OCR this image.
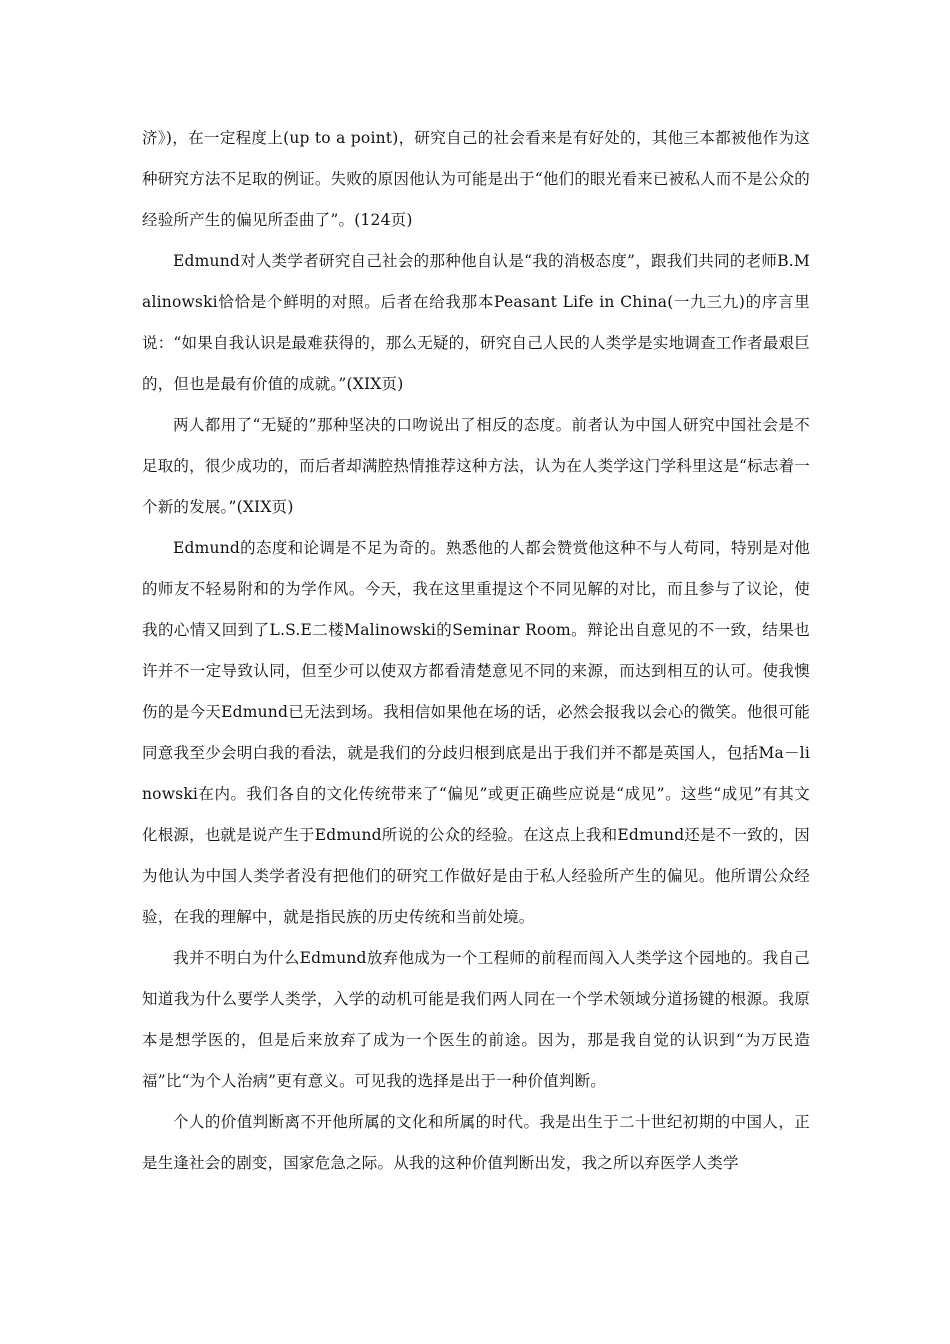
济》)，在一定程度上(up to a point)，研究自己的社会看来是有好处的，其他三本都被他作为这种研究方法不足取的例证。失败的原因他认为可能是出于“他们的眼光看来已被私人而不是公众的经验所产生的偏见所歪曲了”。(124页)

Edmund对人类学者研究自己社会的那种他自认是“我的消极态度”，跟我们共同的老师B.Malinowski恰恰是个鲜明的对照。后者在给我那本Peasant Life in China(一九三九)的序言里说：“如果自我认识是最难获得的，那么无疑的，研究自己人民的人类学是实地调查工作者最艰巨的，但也是最有价值的成就。”(XIX页)

两人都用了“无疑的”那种坚决的口吻说出了相反的态度。前者认为中国人研究中国社会是不足取的，很少成功的，而后者却满腔热情推荐这种方法，认为在人类学这门学科里这是“标志着一个新的发展。”(XIX页)

Edmund的态度和论调是不足为奇的。熟悉他的人都会赞赏他这种不与人苟同，特别是对他的师友不轻易附和的为学作风。今天，我在这里重提这个不同见解的对比，而且参与了议论，使我的心情又回到了L.S.E二楼Malinowski的Seminar Room。辩论出自意见的不一致，结果也许并不一定导致认同，但至少可以使双方都看清楚意见不同的来源，而达到相互的认可。使我懊伤的是今天Edmund已无法到场。我相信如果他在场的话，必然会报我以会心的微笑。他很可能同意我至少会明白我的看法，就是我们的分歧归根到底是出于我们并不都是英国人，包括Ma－linowski在内。我们各自的文化传统带来了“偏见”或更正确些应说是“成见”。这些“成见”有其文化根源，也就是说产生于Edmund所说的公众的经验。在这点上我和Edmund还是不一致的，因为他认为中国人类学者没有把他们的研究工作做好是由于私人经验所产生的偏见。他所谓公众经验，在我的理解中，就是指民族的历史传统和当前处境。

我并不明白为什么Edmund放弃他成为一个工程师的前程而闯入人类学这个园地的。我自己知道我为什么要学人类学，入学的动机可能是我们两人同在一个学术领域分道扬键的根源。我原本是想学医的，但是后来放弃了成为一个医生的前途。因为，那是我自觉的认识到“为万民造福”比“为个人治病”更有意义。可见我的选择是出于一种价值判断。

个人的价值判断离不开他所属的文化和所属的时代。我是出生于二十世纪初期的中国人，正是生逢社会的剧变，国家危急之际。从我的这种价值判断出发，我之所以弃医学人类学
